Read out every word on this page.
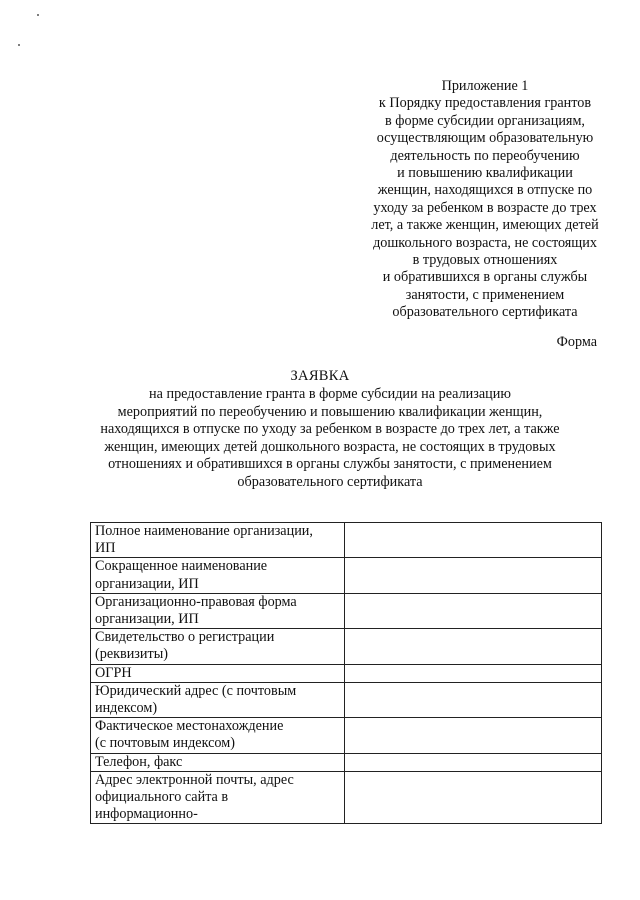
Приложение 1
к Порядку предоставления грантов
в форме субсидии организациям,
осуществляющим образовательную
деятельность по переобучению
и повышению квалификации
женщин, находящихся в отпуске по
уходу за ребенком в возрасте до трех
лет, а также женщин, имеющих детей
дошкольного возраста, не состоящих
в трудовых отношениях
и обратившихся в органы службы
занятости, с применением
образовательного сертификата
Форма
ЗАЯВКА
на предоставление гранта в форме субсидии на реализацию
мероприятий по переобучению и повышению квалификации женщин,
находящихся в отпуске по уходу за ребенком в возрасте до трех лет, а также
женщин, имеющих детей дошкольного возраста, не состоящих в трудовых
отношениях и обратившихся в органы службы занятости, с применением
образовательного сертификата
Полное наименование организации,
ИП	

Сокращенное наименование
организации, ИП	

Организационно-правовая форма
организации, ИП	

Свидетельство о регистрации
(реквизиты)	

ОГРН	

Юридический адрес (с почтовым
индексом)	

Фактическое местонахождение
(с почтовым индексом)	

Телефон, факс	

Адрес электронной почты, адрес
официального сайта в
информационно-	
